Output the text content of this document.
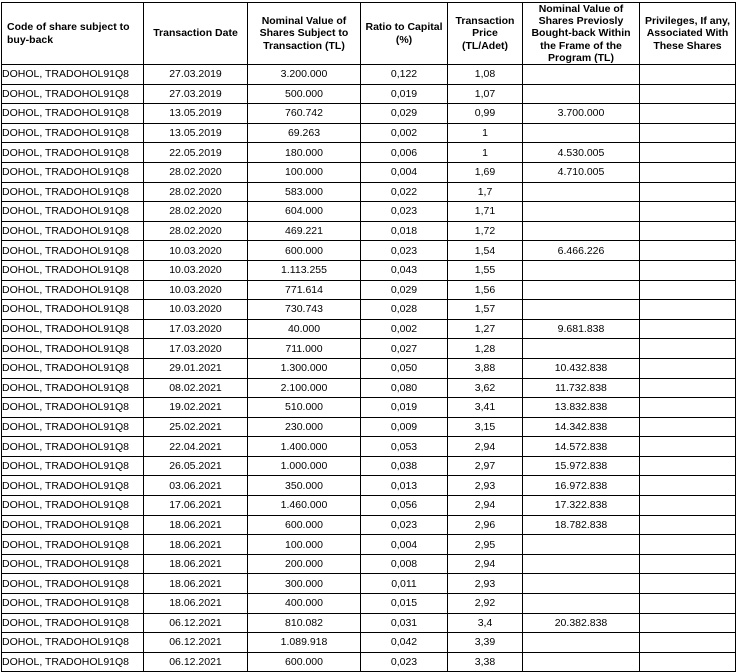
Code of share subject to buy-back	Transaction Date	Nominal Value of Shares Subject to Transaction (TL)	Ratio to Capital (%)	Transaction Price (TL/Adet)	Nominal Value of Shares Previosly Bought-back Within the Frame of the Program (TL)	Privileges, If any, Associated With These Shares
DOHOL, TRADOHOL91Q8	27.03.2019	3.200.000	0,122	1,08		
DOHOL, TRADOHOL91Q8	27.03.2019	500.000	0,019	1,07		
DOHOL, TRADOHOL91Q8	13.05.2019	760.742	0,029	0,99	3.700.000	
DOHOL, TRADOHOL91Q8	13.05.2019	69.263	0,002	1		
DOHOL, TRADOHOL91Q8	22.05.2019	180.000	0,006	1	4.530.005	
DOHOL, TRADOHOL91Q8	28.02.2020	100.000	0,004	1,69	4.710.005	
DOHOL, TRADOHOL91Q8	28.02.2020	583.000	0,022	1,7		
DOHOL, TRADOHOL91Q8	28.02.2020	604.000	0,023	1,71		
DOHOL, TRADOHOL91Q8	28.02.2020	469.221	0,018	1,72		
DOHOL, TRADOHOL91Q8	10.03.2020	600.000	0,023	1,54	6.466.226	
DOHOL, TRADOHOL91Q8	10.03.2020	1.113.255	0,043	1,55		
DOHOL, TRADOHOL91Q8	10.03.2020	771.614	0,029	1,56		
DOHOL, TRADOHOL91Q8	10.03.2020	730.743	0,028	1,57		
DOHOL, TRADOHOL91Q8	17.03.2020	40.000	0,002	1,27	9.681.838	
DOHOL, TRADOHOL91Q8	17.03.2020	711.000	0,027	1,28		
DOHOL, TRADOHOL91Q8	29.01.2021	1.300.000	0,050	3,88	10.432.838	
DOHOL, TRADOHOL91Q8	08.02.2021	2.100.000	0,080	3,62	11.732.838	
DOHOL, TRADOHOL91Q8	19.02.2021	510.000	0,019	3,41	13.832.838	
DOHOL, TRADOHOL91Q8	25.02.2021	230.000	0,009	3,15	14.342.838	
DOHOL, TRADOHOL91Q8	22.04.2021	1.400.000	0,053	2,94	14.572.838	
DOHOL, TRADOHOL91Q8	26.05.2021	1.000.000	0,038	2,97	15.972.838	
DOHOL, TRADOHOL91Q8	03.06.2021	350.000	0,013	2,93	16.972.838	
DOHOL, TRADOHOL91Q8	17.06.2021	1.460.000	0,056	2,94	17.322.838	
DOHOL, TRADOHOL91Q8	18.06.2021	600.000	0,023	2,96	18.782.838	
DOHOL, TRADOHOL91Q8	18.06.2021	100.000	0,004	2,95		
DOHOL, TRADOHOL91Q8	18.06.2021	200.000	0,008	2,94		
DOHOL, TRADOHOL91Q8	18.06.2021	300.000	0,011	2,93		
DOHOL, TRADOHOL91Q8	18.06.2021	400.000	0,015	2,92		
DOHOL, TRADOHOL91Q8	06.12.2021	810.082	0,031	3,4	20.382.838	
DOHOL, TRADOHOL91Q8	06.12.2021	1.089.918	0,042	3,39		
DOHOL, TRADOHOL91Q8	06.12.2021	600.000	0,023	3,38		
